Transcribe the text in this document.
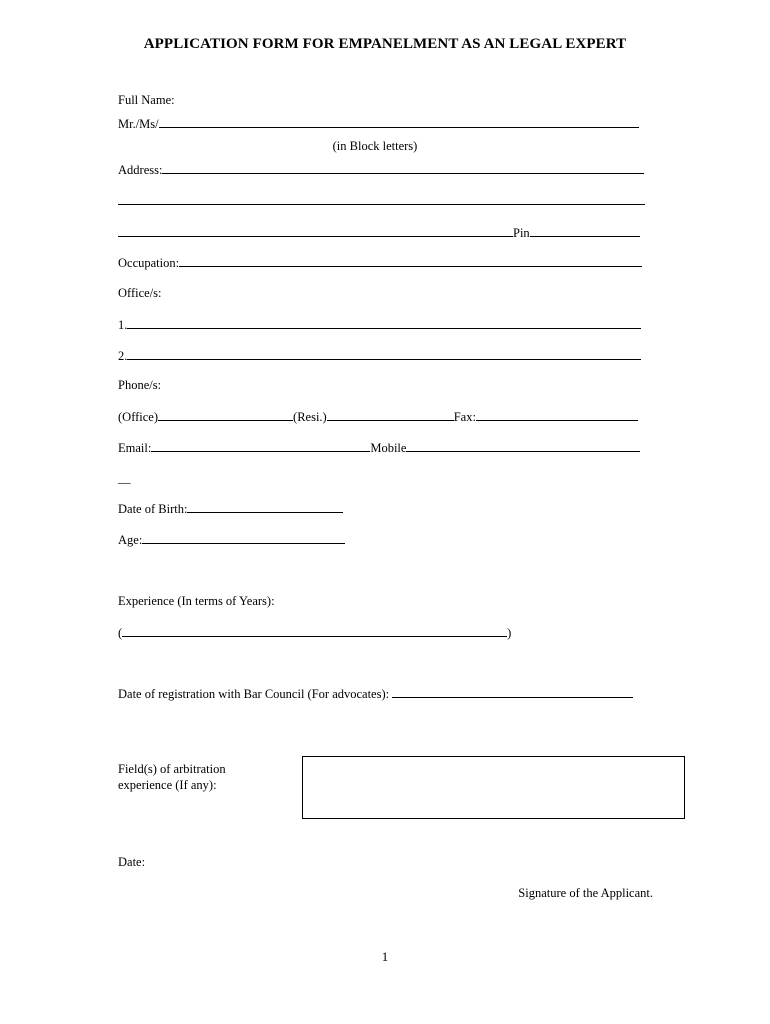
APPLICATION FORM FOR EMPANELMENT AS AN LEGAL EXPERT
Full Name:
Mr./Ms/
(in Block letters)
Address:
Pin
Occupation:
Office/s:
1.
2.
Phone/s:
(Office)	(Resi.)	Fax:
Email:	Mobile
__
Date of Birth:
Age:
Experience (In terms of Years):
(	)
Date of registration with Bar Council (For advocates):
Field(s) of arbitration
experience (If any):
Date:
Signature of the Applicant.
1
